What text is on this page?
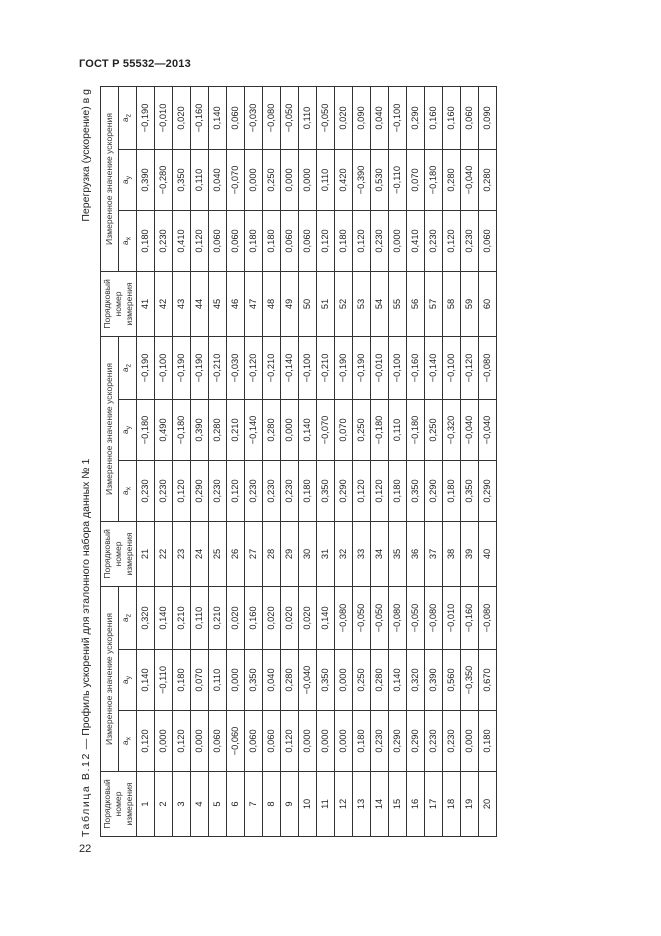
ГОСТ Р 55532—2013
22
Таблица В.12 — Профиль ускорений для эталонного набора данных № 1
Перегрузка (ускорение) в g
Порядковый номер измерения	Измеренное значение ускорения			Порядковый номер измерения	Измеренное значение ускорения			Порядковый номер измерения	Измеренное значение ускорения		
	$a_x$	$a_y$	$a_z$		$a_x$	$a_y$	$a_z$		$a_x$	$a_y$	$a_z$
1	0,120	0,140	0,320	21	0,230	−0,180	−0,190	41	0,180	0,390	−0,190
2	0,000	−0,110	0,140	22	0,230	0,490	−0,100	42	0,230	−0,280	−0,010
3	0,120	0,180	0,210	23	0,120	−0,180	−0,190	43	0,410	0,350	0,020
4	0,000	0,070	0,110	24	0,290	0,390	−0,190	44	0,120	0,110	−0,160
5	0,060	0,110	0,210	25	0,230	0,280	−0,210	45	0,060	0,040	0,140
6	−0,060	0,000	0,020	26	0,120	0,210	−0,030	46	0,060	−0,070	0,060
7	0,060	0,350	0,160	27	0,230	−0,140	−0,120	47	0,180	0,000	−0,030
8	0,060	0,040	0,020	28	0,230	0,280	−0,210	48	0,180	0,250	−0,080
9	0,120	0,280	0,020	29	0,230	0,000	−0,140	49	0,060	0,000	−0,050
10	0,000	−0,040	0,020	30	0,180	0,140	−0,100	50	0,060	0,000	0,110
11	0,000	0,350	0,140	31	0,350	−0,070	−0,210	51	0,120	0,110	−0,050
12	0,000	0,000	−0,080	32	0,290	0,070	−0,190	52	0,180	0,420	0,020
13	0,180	0,250	−0,050	33	0,120	0,250	−0,190	53	0,120	−0,390	0,090
14	0,230	0,280	−0,050	34	0,120	−0,180	−0,010	54	0,230	0,530	0,040
15	0,290	0,140	−0,080	35	0,180	0,110	−0,100	55	0,000	−0,110	−0,100
16	0,290	0,320	−0,050	36	0,350	−0,180	−0,160	56	0,410	0,070	0,290
17	0,230	0,390	−0,080	37	0,290	0,250	−0,140	57	0,230	−0,180	0,160
18	0,230	0,560	−0,010	38	0,180	−0,320	−0,100	58	0,120	0,280	0,160
19	0,000	−0,350	−0,160	39	0,350	−0,040	−0,120	59	0,230	−0,040	0,060
20	0,180	0,670	−0,080	40	0,290	−0,040	−0,080	60	0,060	0,280	0,090
